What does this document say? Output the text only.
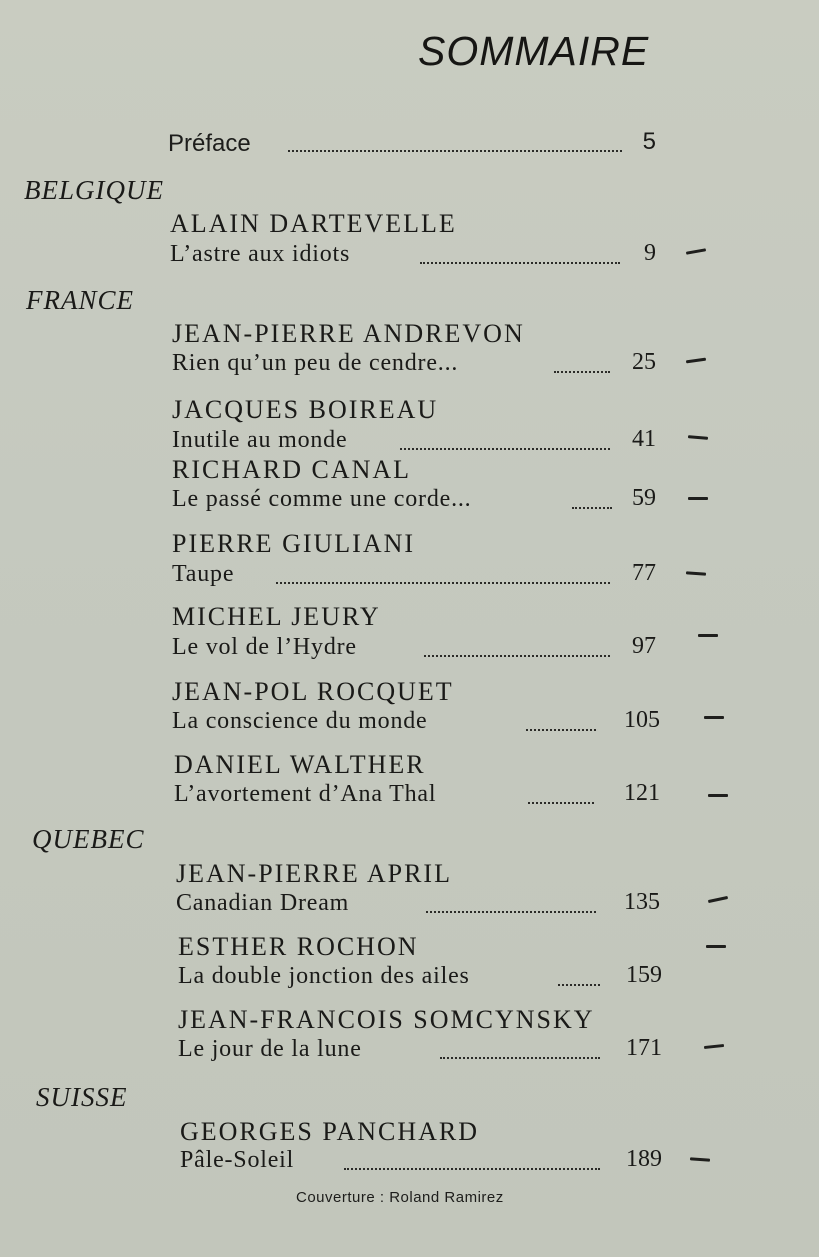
SOMMAIRE
Préface	5
BELGIQUE
FRANCE
QUEBEC
SUISSE
ALAIN DARTEVELLE
L’astre aux idiots	9
JEAN-PIERRE ANDREVON
Rien qu’un peu de cendre...	25
JACQUES BOIREAU
Inutile au monde	41
RICHARD CANAL
Le passé comme une corde...	59
PIERRE GIULIANI
Taupe	77
MICHEL JEURY
Le vol de l’Hydre	97
JEAN-POL ROCQUET
La conscience du monde	105
DANIEL WALTHER
L’avortement d’Ana Thal	121
JEAN-PIERRE APRIL
Canadian Dream	135
ESTHER ROCHON
La double jonction des ailes	159
JEAN-FRANCOIS SOMCYNSKY
Le jour de la lune	171
GEORGES PANCHARD
Pâle-Soleil	189
Couverture : Roland Ramirez
